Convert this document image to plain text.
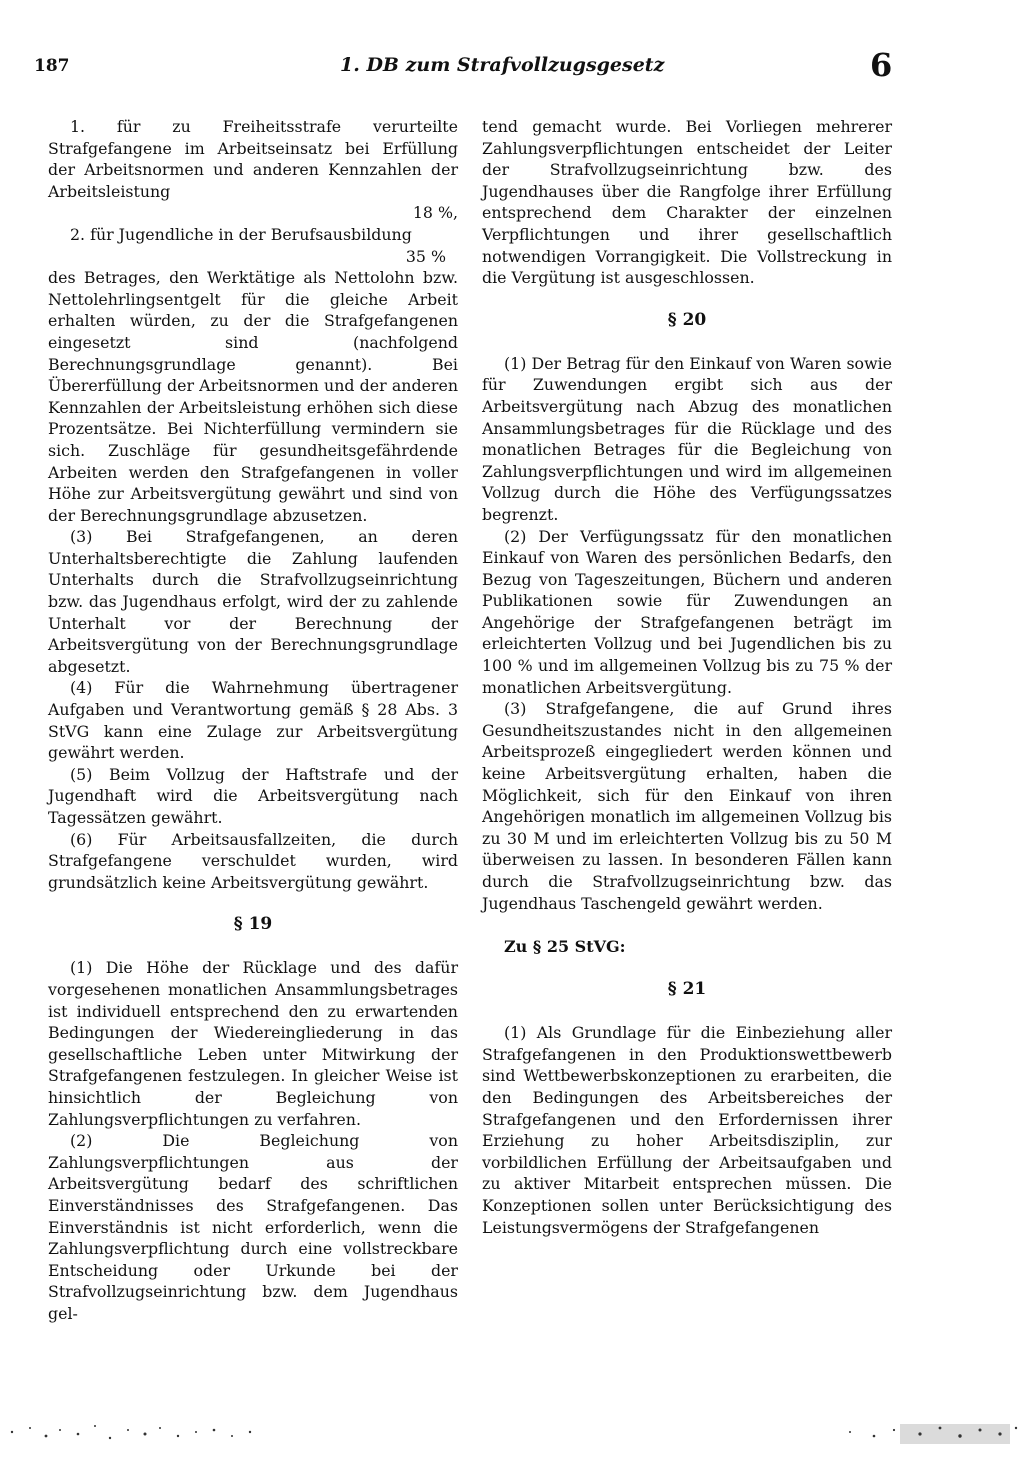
187	1. DB zum Strafvollzugsgesetz	6

1. für zu Freiheitsstrafe verurteilte Strafgefangene im Arbeitseinsatz bei Erfüllung der Arbeitsnormen und anderen Kennzahlen der Arbeitsleistung

18 %,

2. für Jugendliche in der Berufsausbildung

35 %

des Betrages, den Werktätige als Nettolohn bzw. Nettolehrlingsentgelt für die gleiche Arbeit erhalten würden, zu der die Strafgefangenen eingesetzt sind (nachfolgend Berechnungsgrundlage genannt). Bei Übererfüllung der Arbeitsnormen und der anderen Kennzahlen der Arbeitsleistung erhöhen sich diese Prozentsätze. Bei Nichterfüllung vermindern sie sich. Zuschläge für gesundheitsgefährdende Arbeiten werden den Strafgefangenen in voller Höhe zur Arbeitsvergütung gewährt und sind von der Berechnungsgrundlage abzusetzen.

(3) Bei Strafgefangenen, an deren Unterhaltsberechtigte die Zahlung laufenden Unterhalts durch die Strafvollzugseinrichtung bzw. das Jugendhaus erfolgt, wird der zu zahlende Unterhalt vor der Berechnung der Arbeitsvergütung von der Berechnungsgrundlage abgesetzt.

(4) Für die Wahrnehmung übertragener Aufgaben und Verantwortung gemäß § 28 Abs. 3 StVG kann eine Zulage zur Arbeitsvergütung gewährt werden.

(5) Beim Vollzug der Haftstrafe und der Jugendhaft wird die Arbeitsvergütung nach Tagessätzen gewährt.

(6) Für Arbeitsausfallzeiten, die durch Strafgefangene verschuldet wurden, wird grundsätzlich keine Arbeitsvergütung gewährt.

§ 19

(1) Die Höhe der Rücklage und des dafür vorgesehenen monatlichen Ansammlungsbetrages ist individuell entsprechend den zu erwartenden Bedingungen der Wiedereingliederung in das gesellschaftliche Leben unter Mitwirkung der Strafgefangenen festzulegen. In gleicher Weise ist hinsichtlich der Begleichung von Zahlungsverpflichtungen zu verfahren.

(2) Die Begleichung von Zahlungsverpflichtungen aus der Arbeitsvergütung bedarf des schriftlichen Einverständnisses des Strafgefangenen. Das Einverständnis ist nicht erforderlich, wenn die Zahlungsverpflichtung durch eine vollstreckbare Entscheidung oder Urkunde bei der Strafvollzugseinrichtung bzw. dem Jugendhaus gel-

tend gemacht wurde. Bei Vorliegen mehrerer Zahlungsverpflichtungen entscheidet der Leiter der Strafvollzugseinrichtung bzw. des Jugendhauses über die Rangfolge ihrer Erfüllung entsprechend dem Charakter der einzelnen Verpflichtungen und ihrer gesellschaftlich notwendigen Vorrangigkeit. Die Vollstreckung in die Vergütung ist ausgeschlossen.

§ 20

(1) Der Betrag für den Einkauf von Waren sowie für Zuwendungen ergibt sich aus der Arbeitsvergütung nach Abzug des monatlichen Ansammlungsbetrages für die Rücklage und des monatlichen Betrages für die Begleichung von Zahlungsverpflichtungen und wird im allgemeinen Vollzug durch die Höhe des Verfügungssatzes begrenzt.

(2) Der Verfügungssatz für den monatlichen Einkauf von Waren des persönlichen Bedarfs, den Bezug von Tageszeitungen, Büchern und anderen Publikationen sowie für Zuwendungen an Angehörige der Strafgefangenen beträgt im erleichterten Vollzug und bei Jugendlichen bis zu 100 % und im allgemeinen Vollzug bis zu 75 % der monatlichen Arbeitsvergütung.

(3) Strafgefangene, die auf Grund ihres Gesundheitszustandes nicht in den allgemeinen Arbeitsprozeß eingegliedert werden können und keine Arbeitsvergütung erhalten, haben die Möglichkeit, sich für den Einkauf von ihren Angehörigen monatlich im allgemeinen Vollzug bis zu 30 M und im erleichterten Vollzug bis zu 50 M überweisen zu lassen. In besonderen Fällen kann durch die Strafvollzugseinrichtung bzw. das Jugendhaus Taschengeld gewährt werden.

Zu § 25 StVG:
§ 21

(1) Als Grundlage für die Einbeziehung aller Strafgefangenen in den Produktionswettbewerb sind Wettbewerbskonzeptionen zu erarbeiten, die den Bedingungen des Arbeitsbereiches der Strafgefangenen und den Erfordernissen ihrer Erziehung zu hoher Arbeitsdisziplin, zur vorbildlichen Erfüllung der Arbeitsaufgaben und zu aktiver Mitarbeit entsprechen müssen. Die Konzeptionen sollen unter Berücksichtigung des Leistungsvermögens der Strafgefangenen
